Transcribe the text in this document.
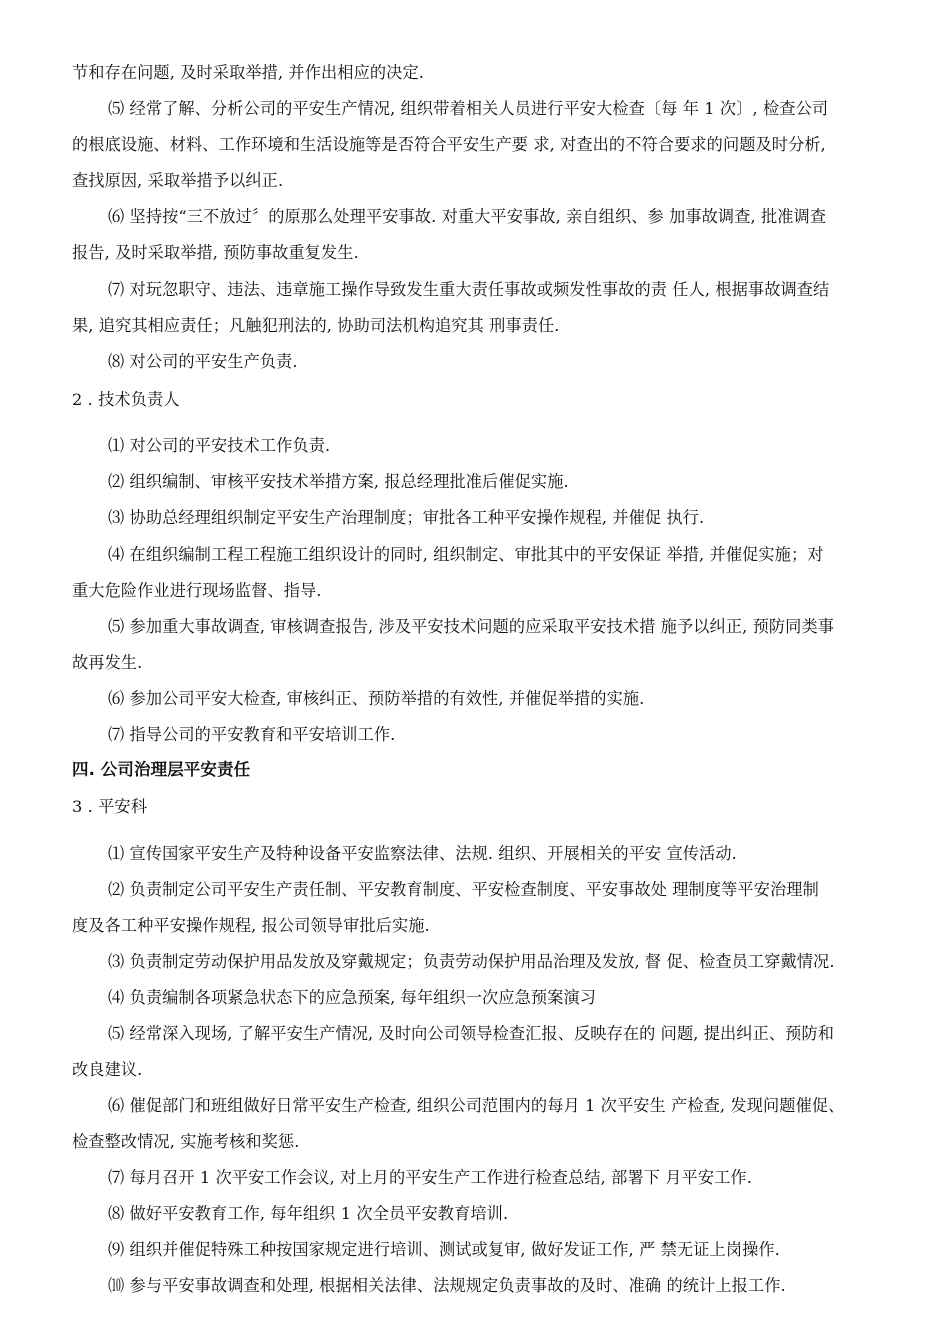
节和存在问题, 及时采取举措, 并作出相应的决定.
⑸ 经常了解、分析公司的平安生产情况, 组织带着相关人员进行平安大检查〔每 年 1 次〕, 检查公司
的根底设施、材料、工作环境和生活设施等是否符合平安生产要 求, 对查出的不符合要求的问题及时分析,
查找原因, 采取举措予以纠正.
⑹ 坚持按“三不放过〞的原那么处理平安事故. 对重大平安事故, 亲自组织、参 加事故调查, 批准调查
报告, 及时采取举措, 预防事故重复发生.
⑺ 对玩忽职守、违法、违章施工操作导致发生重大责任事故或频发性事故的责 任人, 根据事故调查结
果, 追究其相应责任；凡触犯刑法的, 协助司法机构追究其 刑事责任.
⑻ 对公司的平安生产负责.
2 . 技术负责人
⑴ 对公司的平安技术工作负责.
⑵ 组织编制、审核平安技术举措方案, 报总经理批准后催促实施.
⑶ 协助总经理组织制定平安生产治理制度；审批各工种平安操作规程, 并催促 执行.
⑷ 在组织编制工程工程施工组织设计的同时, 组织制定、审批其中的平安保证 举措, 并催促实施；对
重大危险作业进行现场监督、指导.
⑸ 参加重大事故调查, 审核调查报告, 涉及平安技术问题的应采取平安技术措 施予以纠正, 预防同类事
故再发生.
⑹ 参加公司平安大检查, 审核纠正、预防举措的有效性, 并催促举措的实施.
⑺ 指导公司的平安教育和平安培训工作.
四. 公司治理层平安责任
3 . 平安科
⑴ 宣传国家平安生产及特种设备平安监察法律、法规. 组织、开展相关的平安 宣传活动.
⑵ 负责制定公司平安生产责任制、平安教育制度、平安检查制度、平安事故处 理制度等平安治理制
度及各工种平安操作规程, 报公司领导审批后实施.
⑶ 负责制定劳动保护用品发放及穿戴规定；负责劳动保护用品治理及发放, 督 促、检查员工穿戴情况.
⑷ 负责编制各项紧急状态下的应急预案, 每年组织一次应急预案演习
⑸ 经常深入现场, 了解平安生产情况, 及时向公司领导检查汇报、反映存在的 问题, 提出纠正、预防和
改良建议.
⑹ 催促部门和班组做好日常平安生产检查, 组织公司范围内的每月 1 次平安生 产检查, 发现问题催促、
检查整改情况, 实施考核和奖惩.
⑺ 每月召开 1 次平安工作会议, 对上月的平安生产工作进行检查总结, 部署下 月平安工作.
⑻ 做好平安教育工作, 每年组织 1 次全员平安教育培训.
⑼ 组织并催促特殊工种按国家规定进行培训、测试或复审, 做好发证工作, 严 禁无证上岗操作.
⑽ 参与平安事故调查和处理, 根据相关法律、法规规定负责事故的及时、准确 的统计上报工作.
